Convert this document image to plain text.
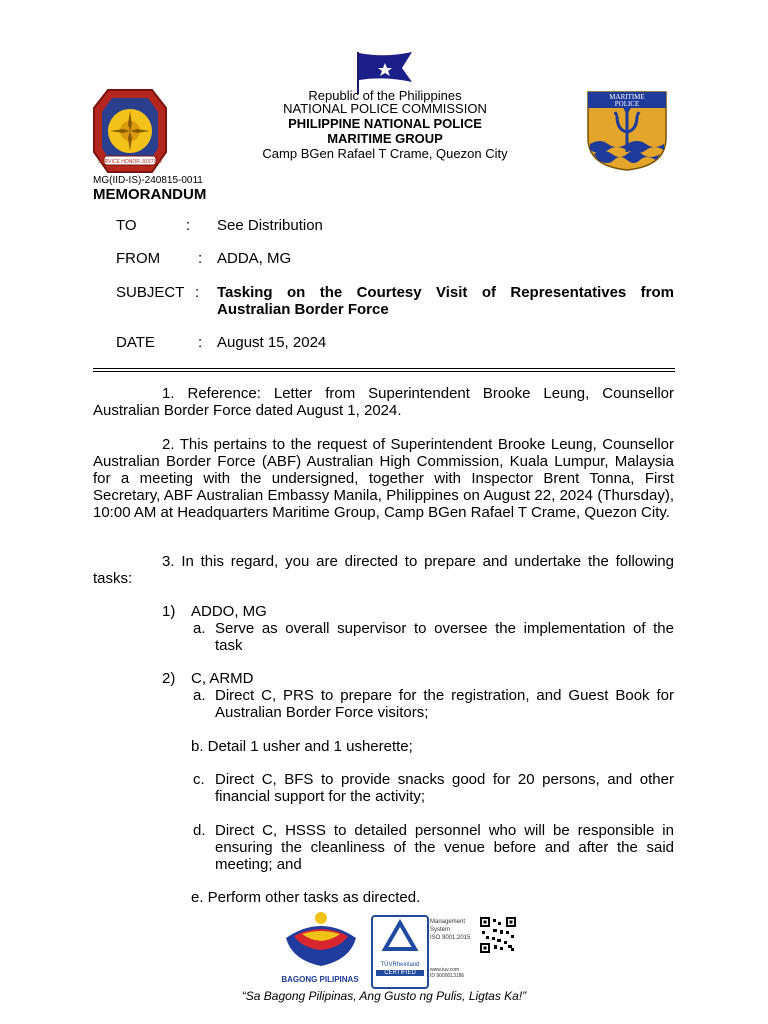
SERVICE HONOR JUSTICE
MARITIME
POLICE
Republic of the Philippines
NATIONAL POLICE COMMISSION
PHILIPPINE NATIONAL POLICE
MARITIME GROUP
Camp BGen Rafael T Crame, Quezon City
MG(IID-IS)-240815-0011
MEMORANDUM
TO	: See Distribution
FROM	: ADDA, MG
SUBJECT : Tasking on the Courtesy Visit of Representatives from Australian Border Force
DATE	: August 15, 2024
1. Reference: Letter from Superintendent Brooke Leung, Counsellor Australian Border Force dated August 1, 2024.
2. This pertains to the request of Superintendent Brooke Leung, Counsellor Australian Border Force (ABF) Australian High Commission, Kuala Lumpur, Malaysia for a meeting with the undersigned, together with Inspector Brent Tonna, First Secretary, ABF Australian Embassy Manila, Philippines on August 22, 2024 (Thursday), 10:00 AM at Headquarters Maritime Group, Camp BGen Rafael T Crame, Quezon City.
3. In this regard, you are directed to prepare and undertake the following tasks:
1) ADDO, MG
a. Serve as overall supervisor to oversee the implementation of the task
2) C, ARMD
a. Direct C, PRS to prepare for the registration, and Guest Book for Australian Border Force visitors;
b. Detail 1 usher and 1 usherette;
c. Direct C, BFS to provide snacks good for 20 persons, and other financial support for the activity;
d. Direct C, HSSS to detailed personnel who will be responsible in ensuring the cleanliness of the venue before and after the said meeting; and
e. Perform other tasks as directed.
BAGONG PILIPINAS
TÜVRheinland
CERTIFIED
Management
System
ISO 9001:2015
www.tuv.com
ID 9000013186
“Sa Bagong Pilipinas, Ang Gusto ng Pulis, Ligtas Ka!”
